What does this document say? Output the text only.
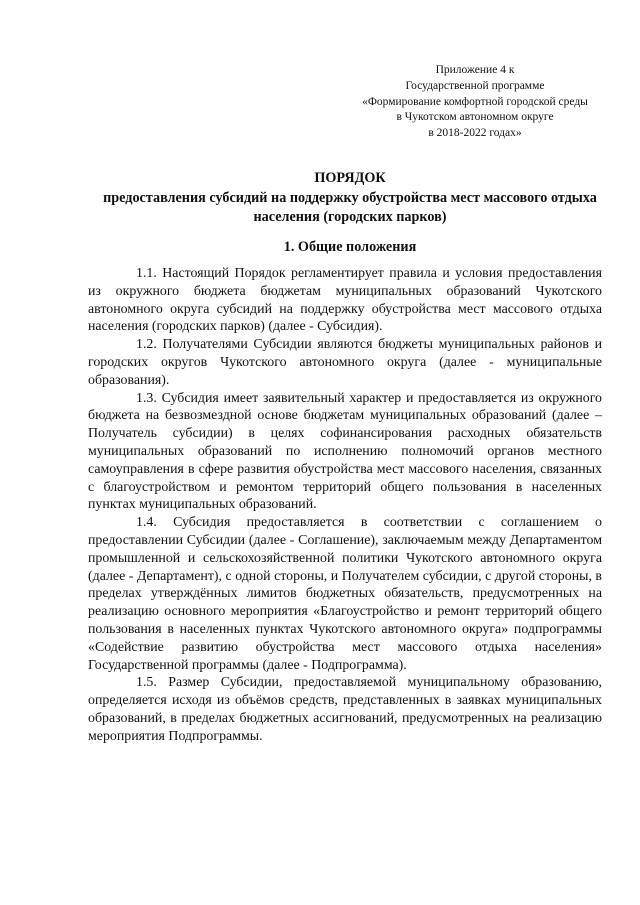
Приложение 4 к
Государственной программе
«Формирование комфортной городской среды
в Чукотском автономном округе
в 2018-2022 годах»
ПОРЯДОК
предоставления субсидий на поддержку обустройства мест массового отдыха населения (городских парков)
1. Общие положения

1.1. Настоящий Порядок регламентирует правила и условия предоставления из окружного бюджета бюджетам муниципальных образований Чукотского автономного округа субсидий на поддержку обустройства мест массового отдыха населения (городских парков) (далее - Субсидия).

1.2. Получателями Субсидии являются бюджеты муниципальных районов и городских округов Чукотского автономного округа (далее - муниципальные образования).

1.3. Субсидия имеет заявительный характер и предоставляется из окружного бюджета на безвозмездной основе бюджетам муниципальных образований (далее – Получатель субсидии) в целях софинансирования расходных обязательств муниципальных образований по исполнению полномочий органов местного самоуправления в сфере развития обустройства мест массового населения, связанных с благоустройством и ремонтом территорий общего пользования в населенных пунктах муниципальных образований.

1.4. Субсидия предоставляется в соответствии с соглашением о предоставлении Субсидии (далее - Соглашение), заключаемым между Департаментом промышленной и сельскохозяйственной политики Чукотского автономного округа (далее - Департамент), с одной стороны, и Получателем субсидии, с другой стороны, в пределах утверждённых лимитов бюджетных обязательств, предусмотренных на реализацию основного мероприятия «Благоустройство и ремонт территорий общего пользования в населенных пунктах Чукотского автономного округа» подпрограммы «Содействие развитию обустройства мест массового отдыха населения» Государственной программы (далее - Подпрограмма).

1.5. Размер Субсидии, предоставляемой муниципальному образованию, определяется исходя из объёмов средств, представленных в заявках муниципальных образований, в пределах бюджетных ассигнований, предусмотренных на реализацию мероприятия Подпрограммы.
